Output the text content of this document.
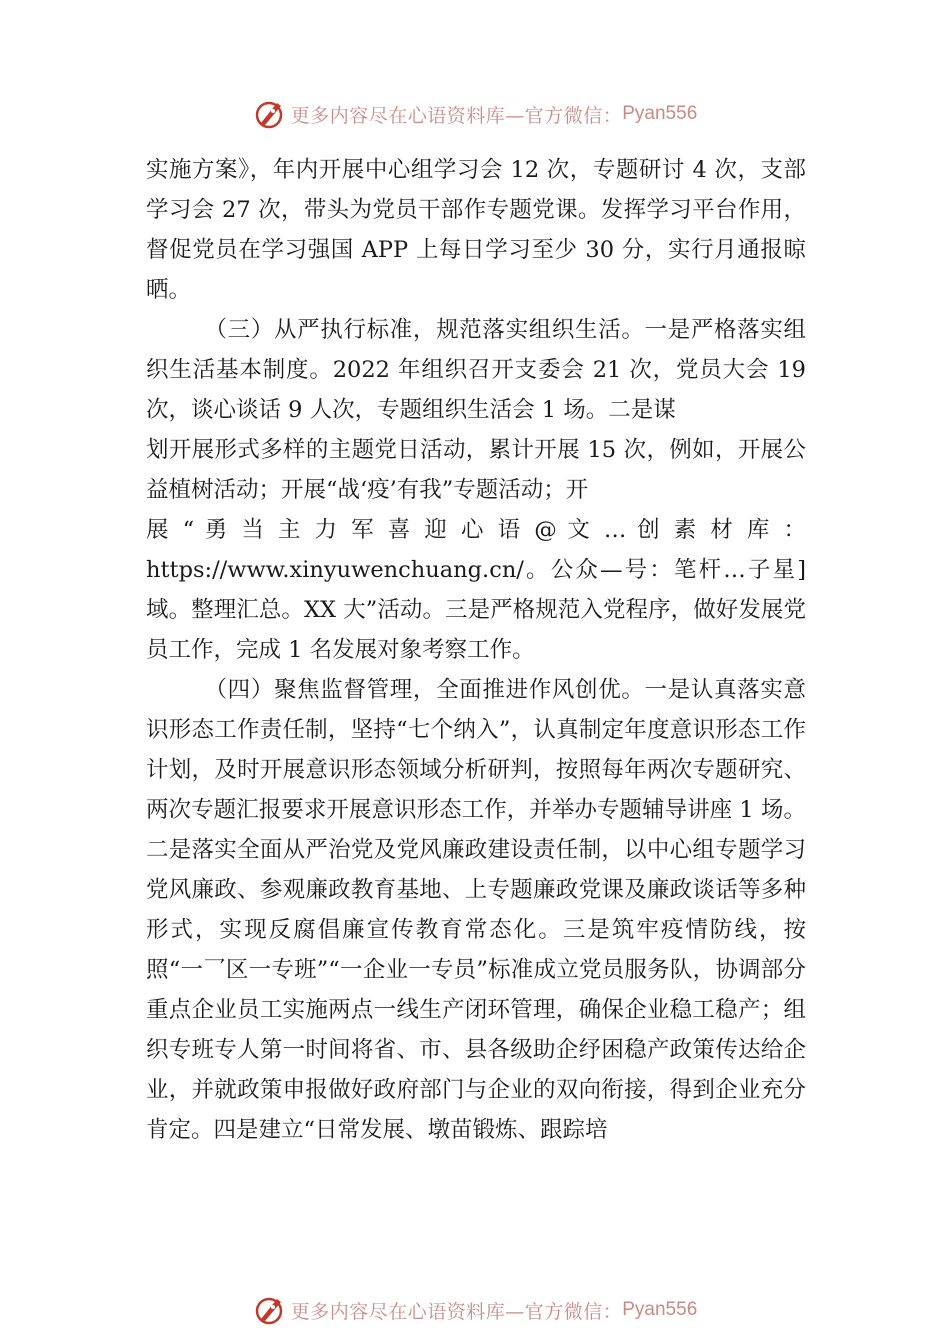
更多内容尽在心语资料库—官方微信： Pyan556

实施方案》，年内开展中心组学习会 12 次，专题研讨 4 次，支部学习会 27 次，带头为党员干部作专题党课。发挥学习平台作用，督促党员在学习强国 APP 上每日学习至少 30 分，实行月通报晾晒。

（三）从严执行标准，规范落实组织生活。一是严格落实组织生活基本制度。2022 年组织召开支委会 21 次，党员大会 19 次，谈心谈话 9 人次，专题组织生活会 1 场。二是谋

划开展形式多样的主题党日活动，累计开展 15 次，例如，开展公益植树活动；开展“战‘疫’有我”专题活动；开

展 “ 勇 当 主 力 军 喜 迎 心 语 @ 文 … 创 素 材 库 ：

https://www.xinyuwenchuang.cn/。公众—号：笔杆…子星]域。整理汇总。XX 大”活动。三是严格规范入党程序，做好发展党员工作，完成 1 名发展对象考察工作。

（四）聚焦监督管理，全面推进作风创优。一是认真落实意识形态工作责任制，坚持“七个纳入”，认真制定年度意识形态工作计划，及时开展意识形态领域分析研判，按照每年两次专题研究、两次专题汇报要求开展意识形态工作，并举办专题辅导讲座 1 场。二是落实全面从严治党及党风廉政建设责任制，以中心组专题学习党风廉政、参观廉政教育基地、上专题廉政党课及廉政谈话等多种形式，实现反腐倡廉宣传教育常态化。三是筑牢疫情防线，按照“一⺂区一专班”“一企业一专员”标准成立党员服务队，协调部分重点企业员工实施两点一线生产闭环管理，确保企业稳工稳产；组织专班专人第一时间将省、市、县各级助企纾困稳产政策传达给企业，并就政策申报做好政府部门与企业的双向衔接，得到企业充分肯定。四是建立“日常发展、墩苗锻炼、跟踪培

更多内容尽在心语资料库—官方微信： Pyan556
